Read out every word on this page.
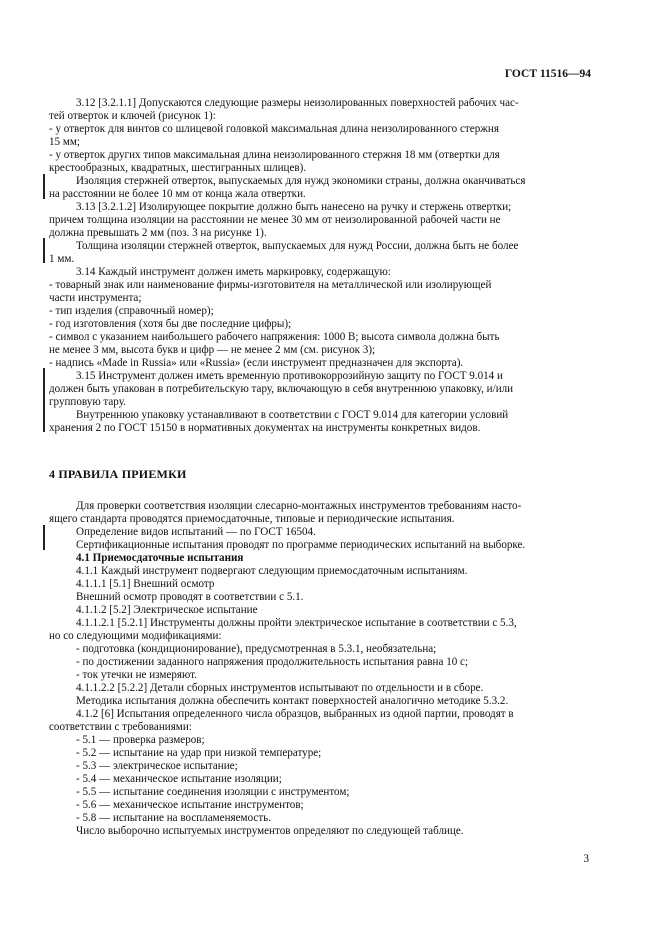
ГОСТ 11516—94
3.12 [3.2.1.1] Допускаются следующие размеры неизолированных поверхностей рабочих час-
тей отверток и ключей (рисунок 1):
- у отверток для винтов со шлицевой головкой максимальная длина неизолированного стержня
15 мм;
- у отверток других типов максимальная длина неизолированного стержня 18 мм (отвертки для
крестообразных, квадратных, шестигранных шлицев).
Изоляция стержней отверток, выпускаемых для нужд экономики страны, должна оканчиваться
на расстоянии не более 10 мм от конца жала отвертки.
3.13 [3.2.1.2] Изолирующее покрытие должно быть нанесено на ручку и стержень отвертки;
причем толщина изоляции на расстоянии не менее 30 мм от неизолированной рабочей части не
должна превышать 2 мм (поз. 3 на рисунке 1).
Толщина изоляции стержней отверток, выпускаемых для нужд России, должна быть не более
1 мм.
3.14 Каждый инструмент должен иметь маркировку, содержащую:
- товарный знак или наименование фирмы-изготовителя на металлической или изолирующей
части инструмента;
- тип изделия (справочный номер);
- год изготовления (хотя бы две последние цифры);
- символ с указанием наибольшего рабочего напряжения: 1000 В; высота символа должна быть
не менее 3 мм, высота букв и цифр — не менее 2 мм (см. рисунок 3);
- надпись «Made in Russia» или «Russia» (если инструмент предназначен для экспорта).
3.15 Инструмент должен иметь временную противокоррозийную защиту по ГОСТ 9.014 и
должен быть упакован в потребительскую тару, включающую в себя внутреннюю упаковку, и/или
групповую тару.
Внутреннюю упаковку устанавливают в соответствии с ГОСТ 9.014 для категории условий
хранения 2 по ГОСТ 15150 в нормативных документах на инструменты конкретных видов.
4 ПРАВИЛА ПРИЕМКИ
Для проверки соответствия изоляции слесарно-монтажных инструментов требованиям насто-
ящего стандарта проводятся приемосдаточные, типовые и периодические испытания.
Определение видов испытаний — по ГОСТ 16504.
Сертификационные испытания проводят по программе периодических испытаний на выборке.
4.1 Приемосдаточные испытания
4.1.1 Каждый инструмент подвергают следующим приемосдаточным испытаниям.
4.1.1.1 [5.1] Внешний осмотр
Внешний осмотр проводят в соответствии с 5.1.
4.1.1.2 [5.2] Электрическое испытание
4.1.1.2.1 [5.2.1] Инструменты должны пройти электрическое испытание в соответствии с 5.3,
но со следующими модификациями:
- подготовка (кондиционирование), предусмотренная в 5.3.1, необязательна;
- по достижении заданного напряжения продолжительность испытания равна 10 с;
- ток утечки не измеряют.
4.1.1.2.2 [5.2.2] Детали сборных инструментов испытывают по отдельности и в сборе.
Методика испытания должна обеспечить контакт поверхностей аналогично методике 5.3.2.
4.1.2 [6] Испытания определенного числа образцов, выбранных из одной партии, проводят в
соответствии с требованиями:
- 5.1 — проверка размеров;
- 5.2 — испытание на удар при низкой температуре;
- 5.3 — электрическое испытание;
- 5.4 — механическое испытание изоляции;
- 5.5 — испытание соединения изоляции с инструментом;
- 5.6 — механическое испытание инструментов;
- 5.8 — испытание на воспламеняемость.
Число выборочно испытуемых инструментов определяют по следующей таблице.
3
